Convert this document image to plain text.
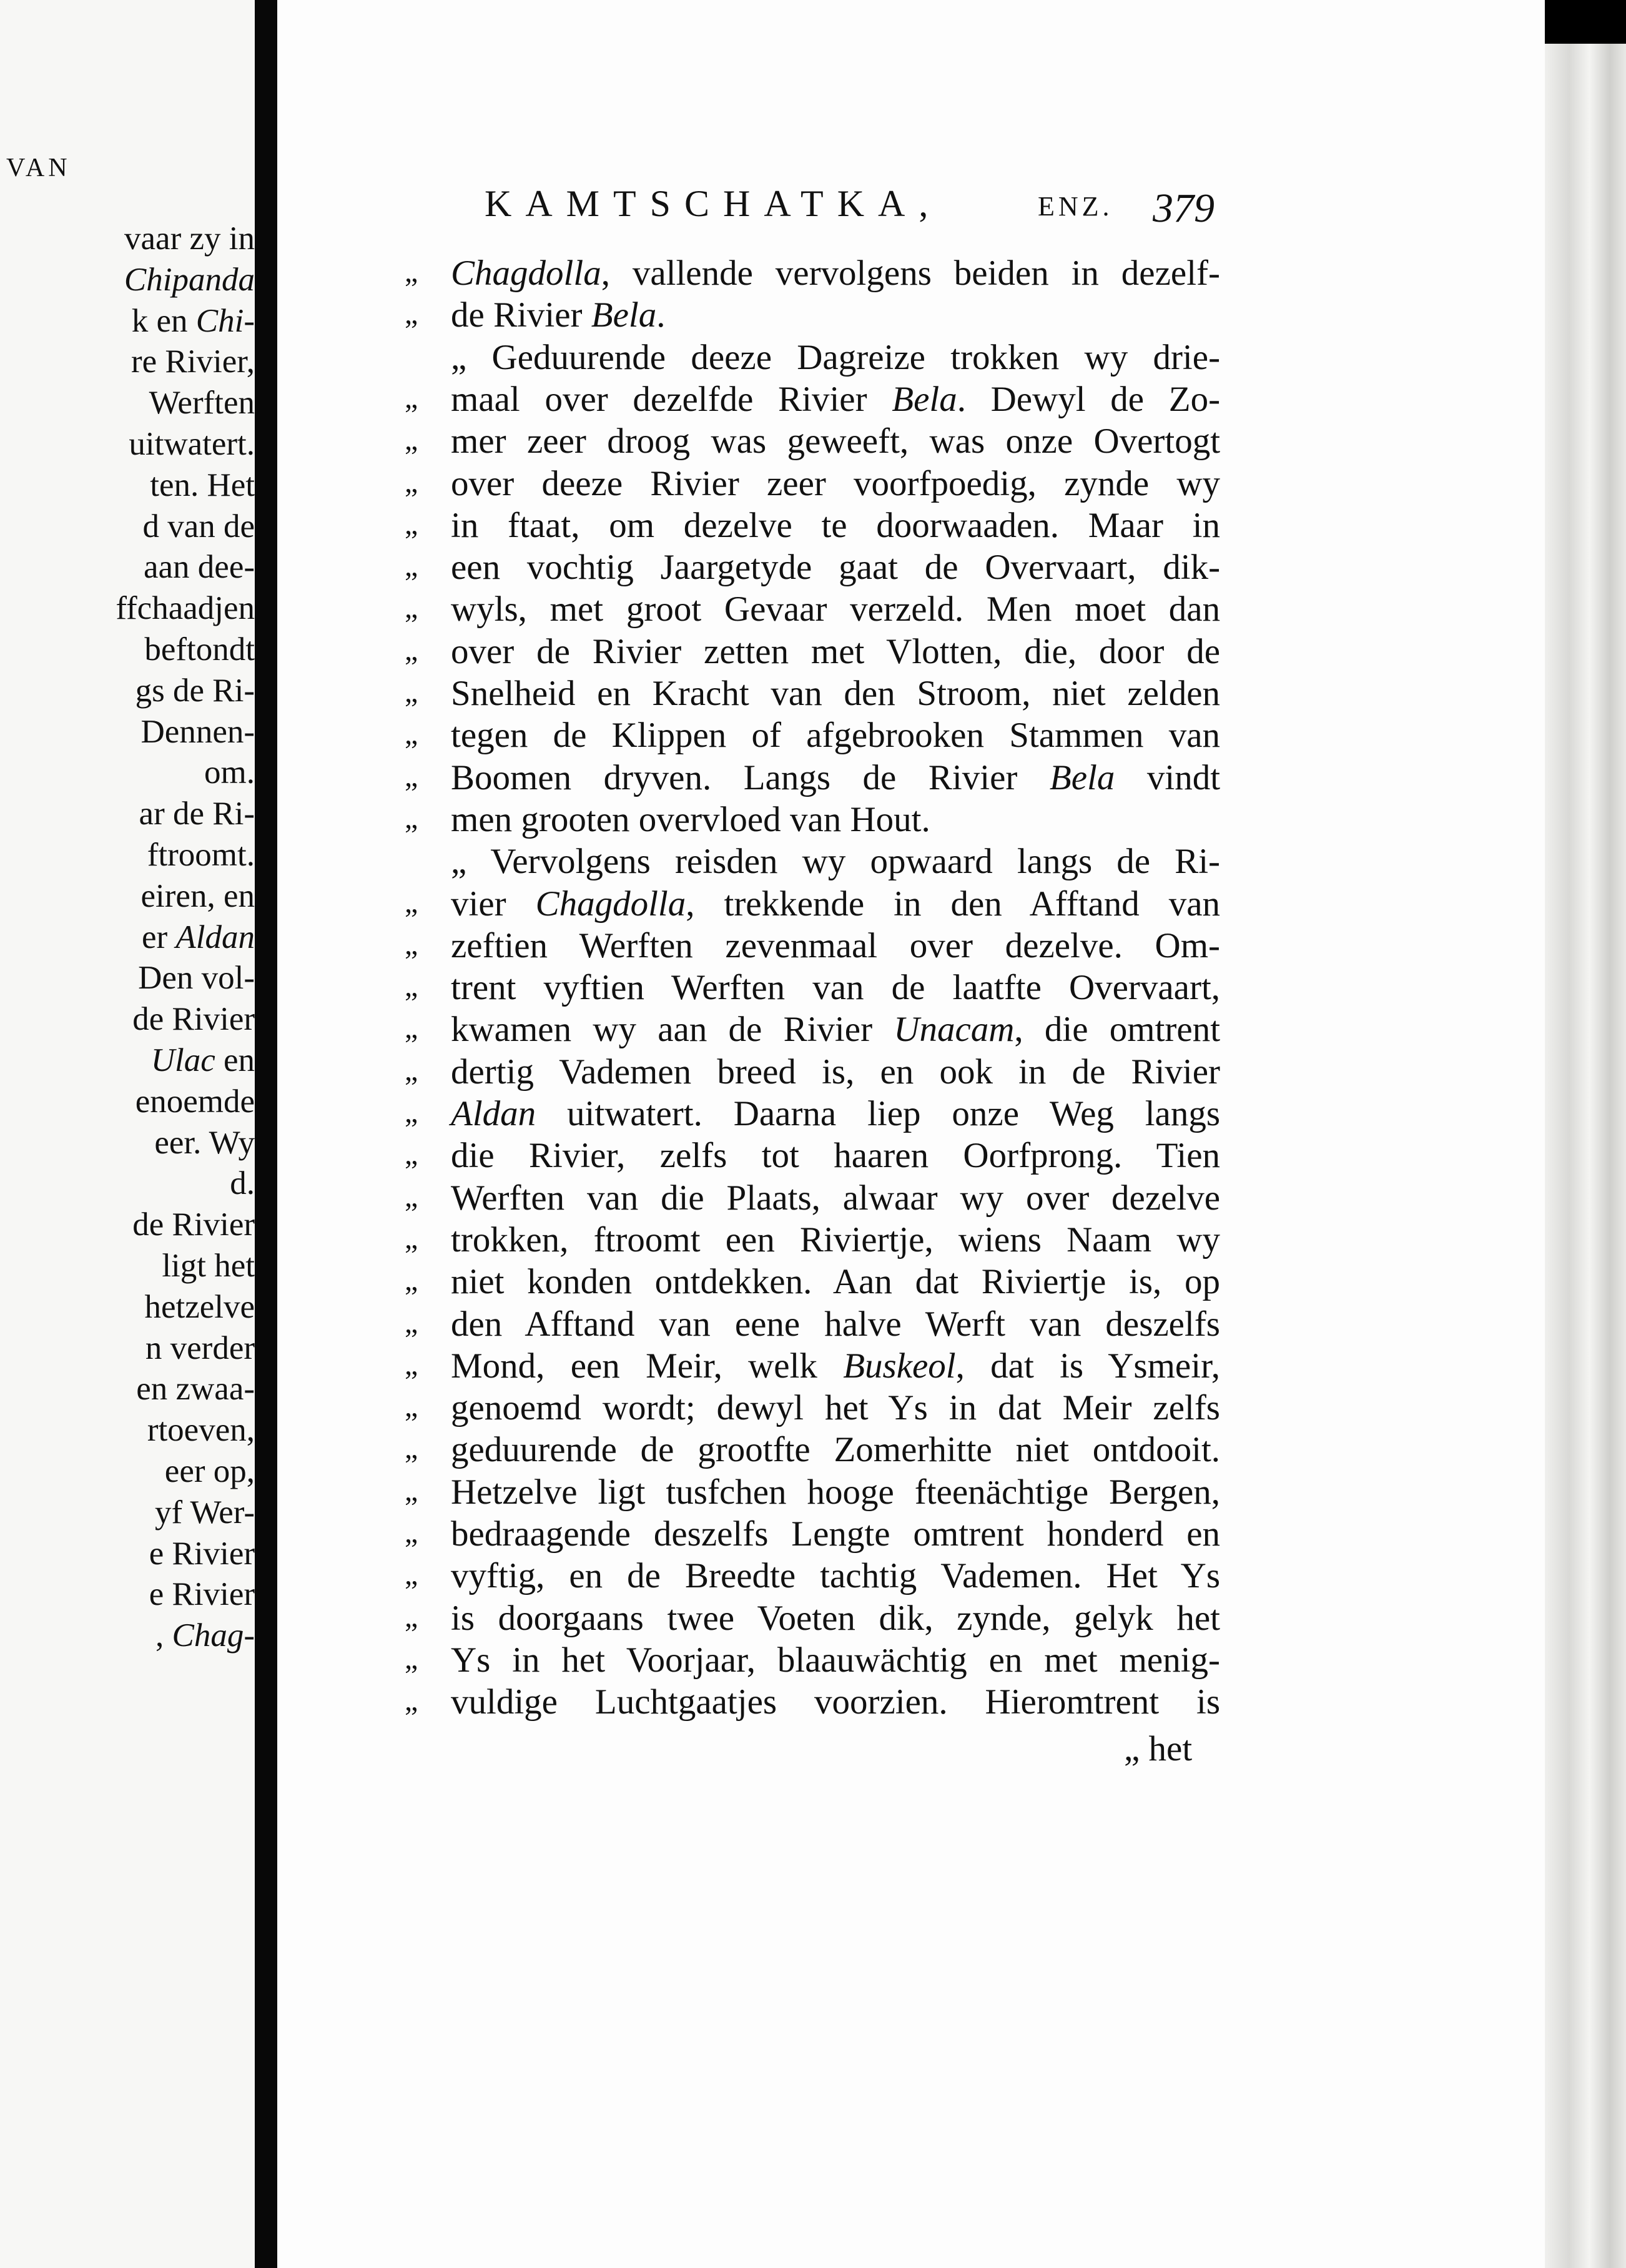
VAN
vaar zy in
Chipanda
k en Chi-
re Rivier,
Werften
uitwatert.
ten. Het
d van de
aan dee-
ffchaadjen
beftondt
gs de Ri-
Dennen-
om.
ar de Ri-
ftroomt.
eiren, en
er Aldan
Den vol-
de Rivier
Ulac en
enoemde
eer. Wy
d.
de Rivier
ligt het
hetzelve
n verder
en zwaa-
rtoeven,
eer op,
yf Wer-
e Rivier
e Rivier
, Chag-
KAMTSCHATKA,	ENZ. 379
„ Chagdolla, vallende vervolgens beiden in dezelf-
„ de Rivier Bela.
„ Geduurende deeze Dagreize trokken wy drie-
„ maal over dezelfde Rivier Bela. Dewyl de Zo-
„ mer zeer droog was geweeft, was onze Overtogt
„ over deeze Rivier zeer voorfpoedig, zynde wy
„ in ftaat, om dezelve te doorwaaden. Maar in
„ een vochtig Jaargetyde gaat de Overvaart, dik-
„ wyls, met groot Gevaar verzeld. Men moet dan
„ over de Rivier zetten met Vlotten, die, door de
„ Snelheid en Kracht van den Stroom, niet zelden
„ tegen de Klippen of afgebrooken Stammen van
„ Boomen dryven. Langs de Rivier Bela vindt
„ men grooten overvloed van Hout.
„ Vervolgens reisden wy opwaard langs de Ri-
„ vier Chagdolla, trekkende in den Afftand van
„ zeftien Werften zevenmaal over dezelve. Om-
„ trent vyftien Werften van de laatfte Overvaart,
„ kwamen wy aan de Rivier Unacam, die omtrent
„ dertig Vademen breed is, en ook in de Rivier
„ Aldan uitwatert. Daarna liep onze Weg langs
„ die Rivier, zelfs tot haaren Oorfprong. Tien
„ Werften van die Plaats, alwaar wy over dezelve
„ trokken, ftroomt een Riviertje, wiens Naam wy
„ niet konden ontdekken. Aan dat Riviertje is, op
„ den Afftand van eene halve Werft van deszelfs
„ Mond, een Meir, welk Buskeol, dat is Ysmeir,
„ genoemd wordt; dewyl het Ys in dat Meir zelfs
„ geduurende de grootfte Zomerhitte niet ontdooit.
„ Hetzelve ligt tusfchen hooge fteenächtige Bergen,
„ bedraagende deszelfs Lengte omtrent honderd en
„ vyftig, en de Breedte tachtig Vademen. Het Ys
„ is doorgaans twee Voeten dik, zynde, gelyk het
„ Ys in het Voorjaar, blaauwächtig en met menig-
„ vuldige Luchtgaatjes voorzien. Hieromtrent is
„ het
